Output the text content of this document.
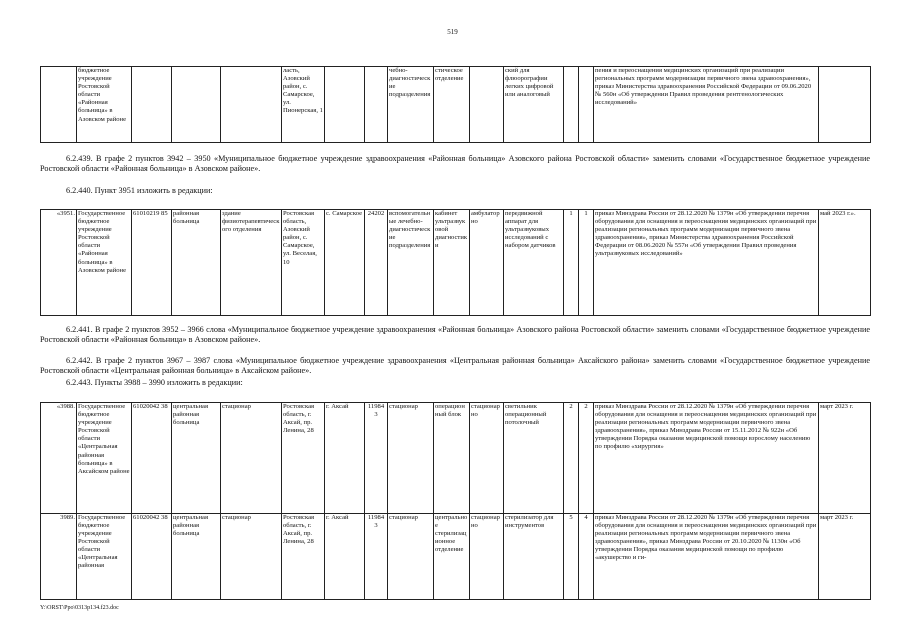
519
	бюджетное учреждение Ростовской области «Районная больница» в Азовском районе				ласть, Азовский район, с. Самарское, ул. Пионерская, 1			чебно-диагностические подразделения	стическое отделение		ский для флюорографии легких цифровой или аналоговый			пения и переоснащения медицинских организаций при реализации региональных программ модернизации первичного звена здравоохранения», приказ Министерства здравоохранения Российской Федерации от 09.06.2020 № 560н «Об утверждении Правил проведения рентгенологических исследований»	
6.2.439. В графе 2 пунктов 3942 – 3950 «Муниципальное бюджетное учреждение здравоохранения «Районная больница» Азовского района Ростовской области» заменить словами «Государственное бюджетное учреждение Ростовской области «Районная больница» в Азовском районе».
6.2.440. Пункт 3951 изложить в редакции:
«3951.	Государственное бюджетное учреждение Ростовской области «Районная больница» в Азовском районе	61010219 85	районная больница	здание физиотерапевтического отделения	Ростовская область, Азовский район, с. Самарское, ул. Веселая, 10	с. Самарское	24202	вспомогательные лечебно-диагностические подразделения	кабинет ультразвуковой диагностики	амбулаторно	передвижной аппарат для ультразвуковых исследований с набором датчиков	1	1	приказ Минздрава России от 28.12.2020 № 1379н «Об утверждении перечня оборудования для оснащения и переоснащения медицинских организаций при реализации региональных программ модернизации первичного звена здравоохранения», приказ Министерства здравоохранения Российской Федерации от 08.06.2020 № 557н «Об утверждении Правил проведения ультразвуковых исследований»	май 2023 г.».
6.2.441. В графе 2 пунктов 3952 – 3966 слова «Муниципальное бюджетное учреждение здравоохранения «Районная больница» Азовского района Ростовской области» заменить словами «Государственное бюджетное учреждение Ростовской области «Районная больница» в Азовском районе».
6.2.442. В графе 2 пунктов 3967 – 3987 слова «Муниципальное бюджетное учреждение здравоохранения «Центральная районная больница» Аксайского района» заменить словами «Государственное бюджетное учреждение Ростовской области «Центральная районная больница» в Аксайском районе».
6.2.443. Пункты 3988 – 3990 изложить в редакции:
«3988.	Государственное бюджетное учреждение Ростовской области «Центральная районная больница» в Аксайском районе	61020042 38	центральная районная больница	стационар	Ростовская область, г. Аксай, пр. Ленина, 28	г. Аксай	11984 3	стационар	операционный блок	стационарно	светильник операционный потолочный	2	2	приказ Минздрава России от 28.12.2020 № 1379н «Об утверждении перечня оборудования для оснащения и переоснащения медицинских организаций при реализации региональных программ модернизации первичного звена здравоохранения», приказ Минздрава России от 15.11.2012 № 922н «Об утверждении Порядка оказания медицинской помощи взрослому населению по профилю «хирургия»	март 2023 г.
3989.	Государственное бюджетное учреждение Ростовской области «Центральная районная	61020042 38	центральная районная больница	стационар	Ростовская область, г. Аксай, пр. Ленина, 28	г. Аксай	11984 3	стационар	центральное стерилизационное отделение	стационарно	стерилизатор для инструментов	5	4	приказ Минздрава России от 28.12.2020 № 1379н «Об утверждении перечня оборудования для оснащения и переоснащения медицинских организаций при реализации региональных программ модернизации первичного звена здравоохранения», приказ Минздрава России от 20.10.2020 № 1130н «Об утверждении Порядка оказания медицинской помощи по профилю «акушерство и ги-	март 2023 г.
Y:\ORST\Ppo\0313p134.f23.doc
